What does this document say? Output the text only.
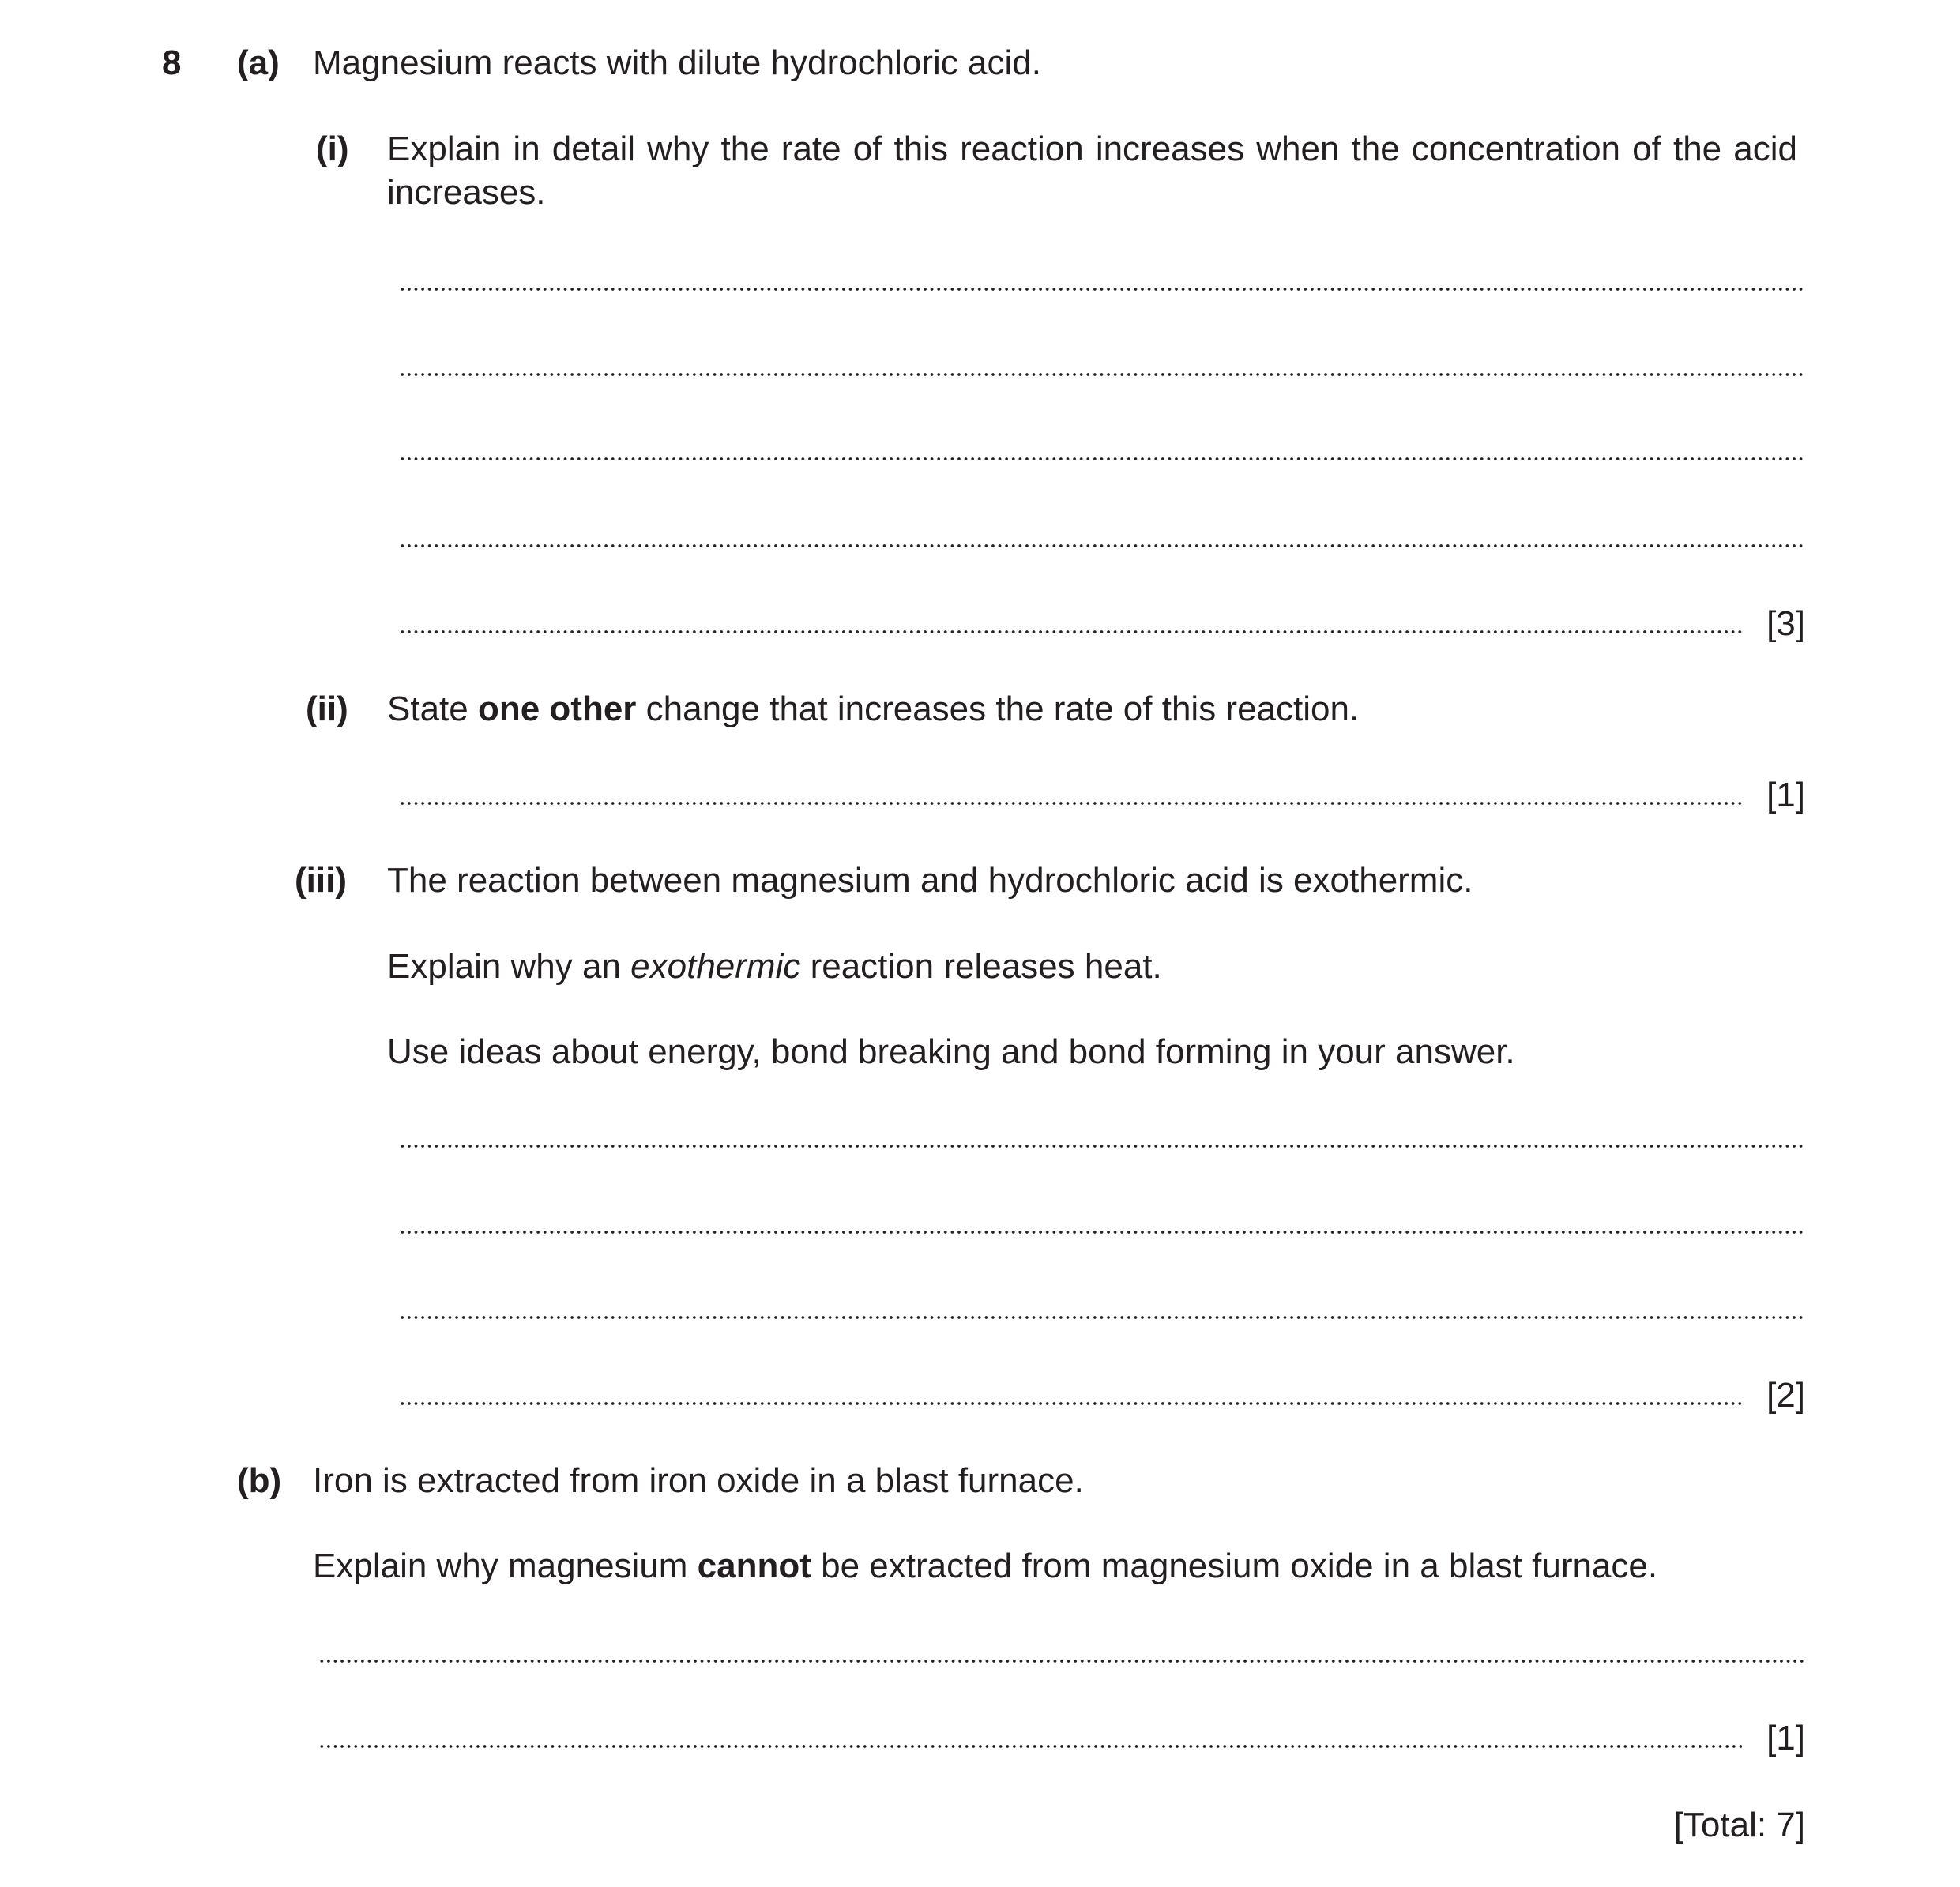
8 (a) Magnesium reacts with dilute hydrochloric acid.
(i) Explain in detail why the rate of this reaction increases when the concentration of the acid increases.
[3]
(ii) State one other change that increases the rate of this reaction.
[1]
(iii) The reaction between magnesium and hydrochloric acid is exothermic.
Explain why an exothermic reaction releases heat.
Use ideas about energy, bond breaking and bond forming in your answer.
[2]
(b) Iron is extracted from iron oxide in a blast furnace.
Explain why magnesium cannot be extracted from magnesium oxide in a blast furnace.
[1]
[Total: 7]
